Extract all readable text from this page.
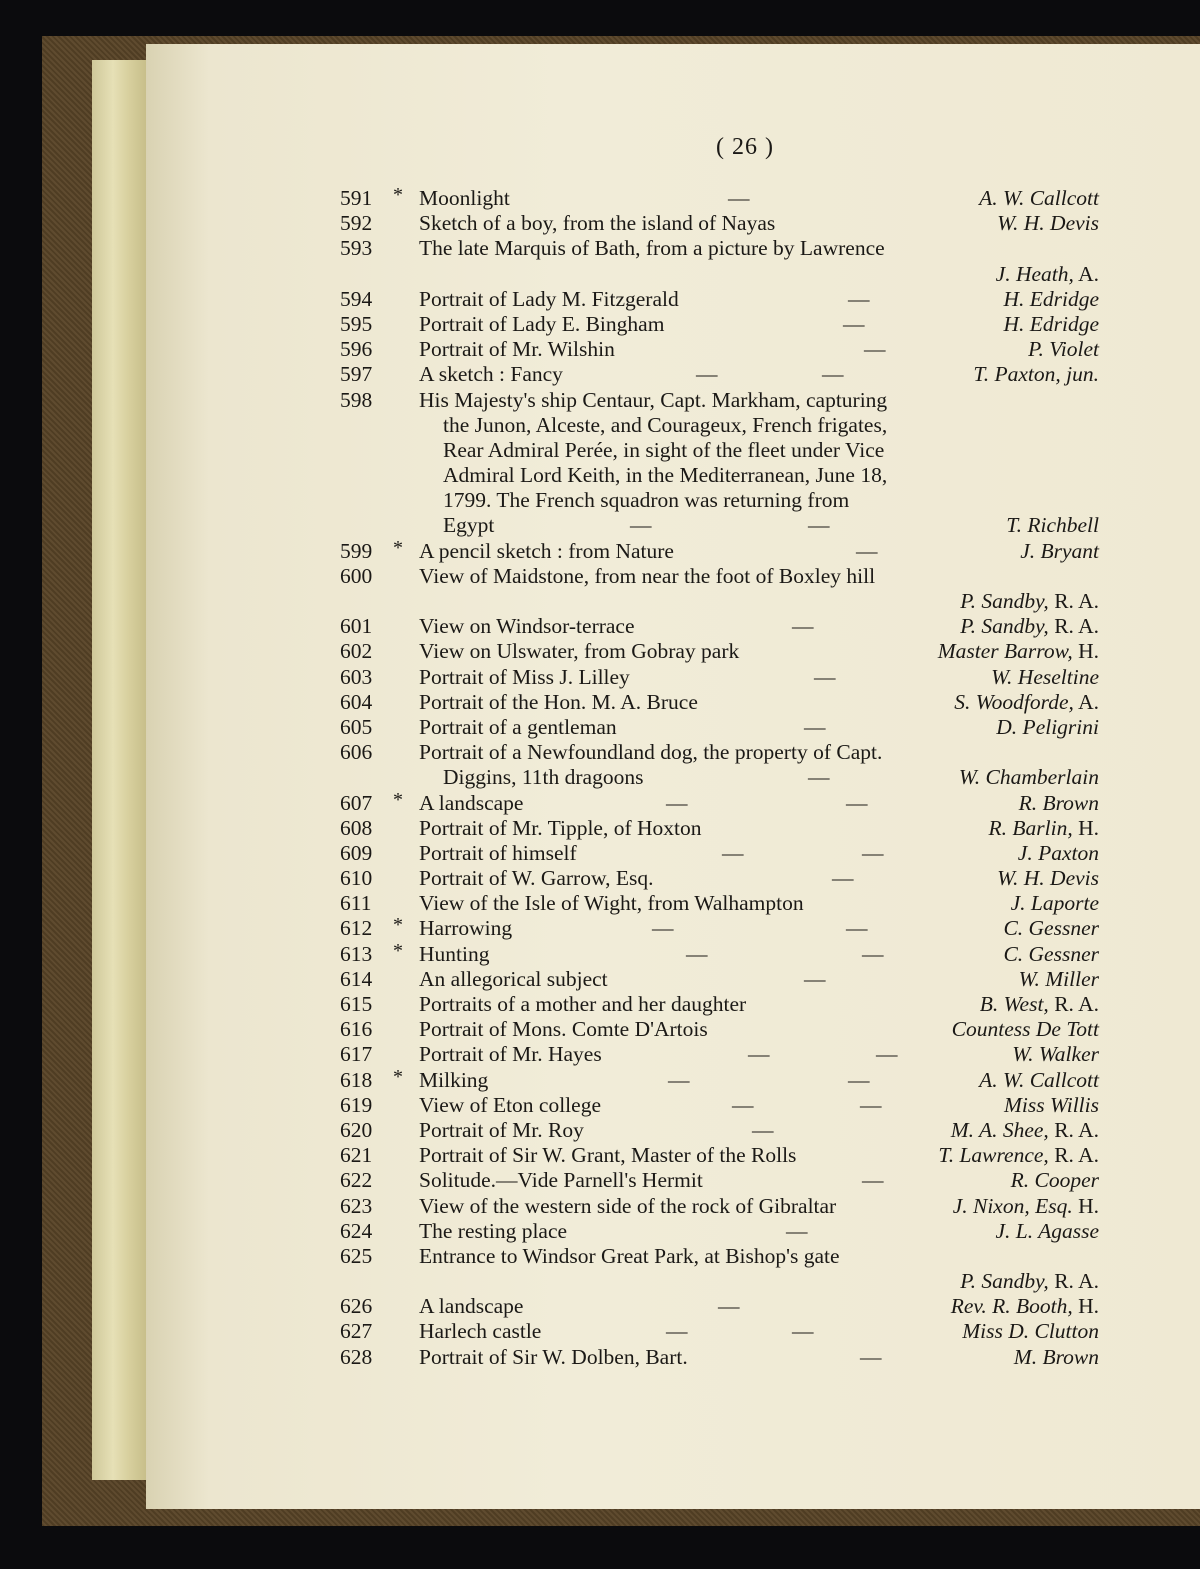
( 26 )
591	* Moonlight	—	A. W. Callcott
592	Sketch of a boy, from the island of Nayas	W. H. Devis
593	The late Marquis of Bath, from a picture by Lawrence
J. Heath, A.
594	Portrait of Lady M. Fitzgerald	—	H. Edridge
595	Portrait of Lady E. Bingham	—	H. Edridge
596	Portrait of Mr. Wilshin	—	P. Violet
597	A sketch : Fancy	—	—	T. Paxton, jun.
598	His Majesty's ship Centaur, Capt. Markham, capturing
the Junon, Alceste, and Courageux, French frigates,
Rear Admiral Perée, in sight of the fleet under Vice
Admiral Lord Keith, in the Mediterranean, June 18,
1799. The French squadron was returning from
Egypt	—	—	T. Richbell
599	* A pencil sketch : from Nature	—	J. Bryant
600	View of Maidstone, from near the foot of Boxley hill
P. Sandby, R. A.
601	View on Windsor-terrace	—	P. Sandby, R. A.
602	View on Ulswater, from Gobray park	Master Barrow, H.
603	Portrait of Miss J. Lilley	—	W. Heseltine
604	Portrait of the Hon. M. A. Bruce	S. Woodforde, A.
605	Portrait of a gentleman	—	D. Peligrini
606	Portrait of a Newfoundland dog, the property of Capt.
Diggins, 11th dragoons	—	W. Chamberlain
607	* A landscape	—	—	R. Brown
608	Portrait of Mr. Tipple, of Hoxton	R. Barlin, H.
609	Portrait of himself	—	—	J. Paxton
610	Portrait of W. Garrow, Esq.	—	W. H. Devis
611	View of the Isle of Wight, from Walhampton	J. Laporte
612	* Harrowing	—	—	C. Gessner
613	* Hunting	—	—	C. Gessner
614	An allegorical subject	—	W. Miller
615	Portraits of a mother and her daughter	B. West, R. A.
616	Portrait of Mons. Comte D'Artois	Countess De Tott
617	Portrait of Mr. Hayes	—	—	W. Walker
618	* Milking	—	—	A. W. Callcott
619	View of Eton college	—	—	Miss Willis
620	Portrait of Mr. Roy	—	M. A. Shee, R. A.
621	Portrait of Sir W. Grant, Master of the Rolls	T. Lawrence, R. A.
622	Solitude.—Vide Parnell's Hermit	—	R. Cooper
623	View of the western side of the rock of Gibraltar	J. Nixon, Esq. H.
624	The resting place	—	J. L. Agasse
625	Entrance to Windsor Great Park, at Bishop's gate
P. Sandby, R. A.
626	A landscape	—	Rev. R. Booth, H.
627	Harlech castle	—	—	Miss D. Clutton
628	Portrait of Sir W. Dolben, Bart.	—	M. Brown
